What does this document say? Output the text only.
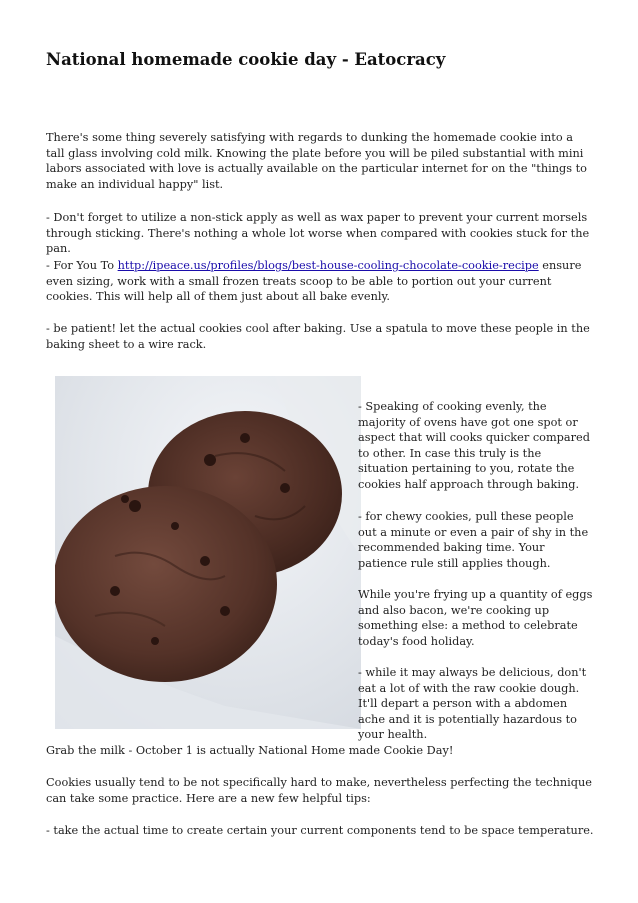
National homemade cookie day - Eatocracy

There's some thing severely satisfying with regards to dunking the homemade cookie into a tall glass involving cold milk. Knowing the plate before you will be piled substantial with mini labors associated with love is actually available on the particular internet for on the "things to make an individual happy" list.

- Don't forget to utilize a non-stick apply as well as wax paper to prevent your current morsels through sticking. There's nothing a whole lot worse when compared with cookies stuck for the pan.

- For You To http://ipeace.us/profiles/blogs/best-house-cooling-chocolate-cookie-recipe ensure even sizing, work with a small frozen treats scoop to be able to portion out your current cookies. This will help all of them just about all bake evenly.

- be patient! let the actual cookies cool after baking. Use a spatula to move these people in the baking sheet to a wire rack.

- Speaking of cooking evenly, the majority of ovens have got one spot or aspect that will cooks quicker compared to other. In case this truly is the situation pertaining to you, rotate the cookies half approach through baking.

- for chewy cookies, pull these people out a minute or even a pair of shy in the recommended baking time. Your patience rule still applies though.

While you're frying up a quantity of eggs and also bacon, we're cooking up something else: a method to celebrate today's food holiday.

- while it may always be delicious, don't eat a lot of with the raw cookie dough. It'll depart a person with a abdomen ache and it is potentially hazardous to your health.

Grab the milk - October 1 is actually National Home made Cookie Day!

Cookies usually tend to be not specifically hard to make, nevertheless perfecting the technique can take some practice. Here are a new few helpful tips:

- take the actual time to create certain your current components tend to be space temperature.
